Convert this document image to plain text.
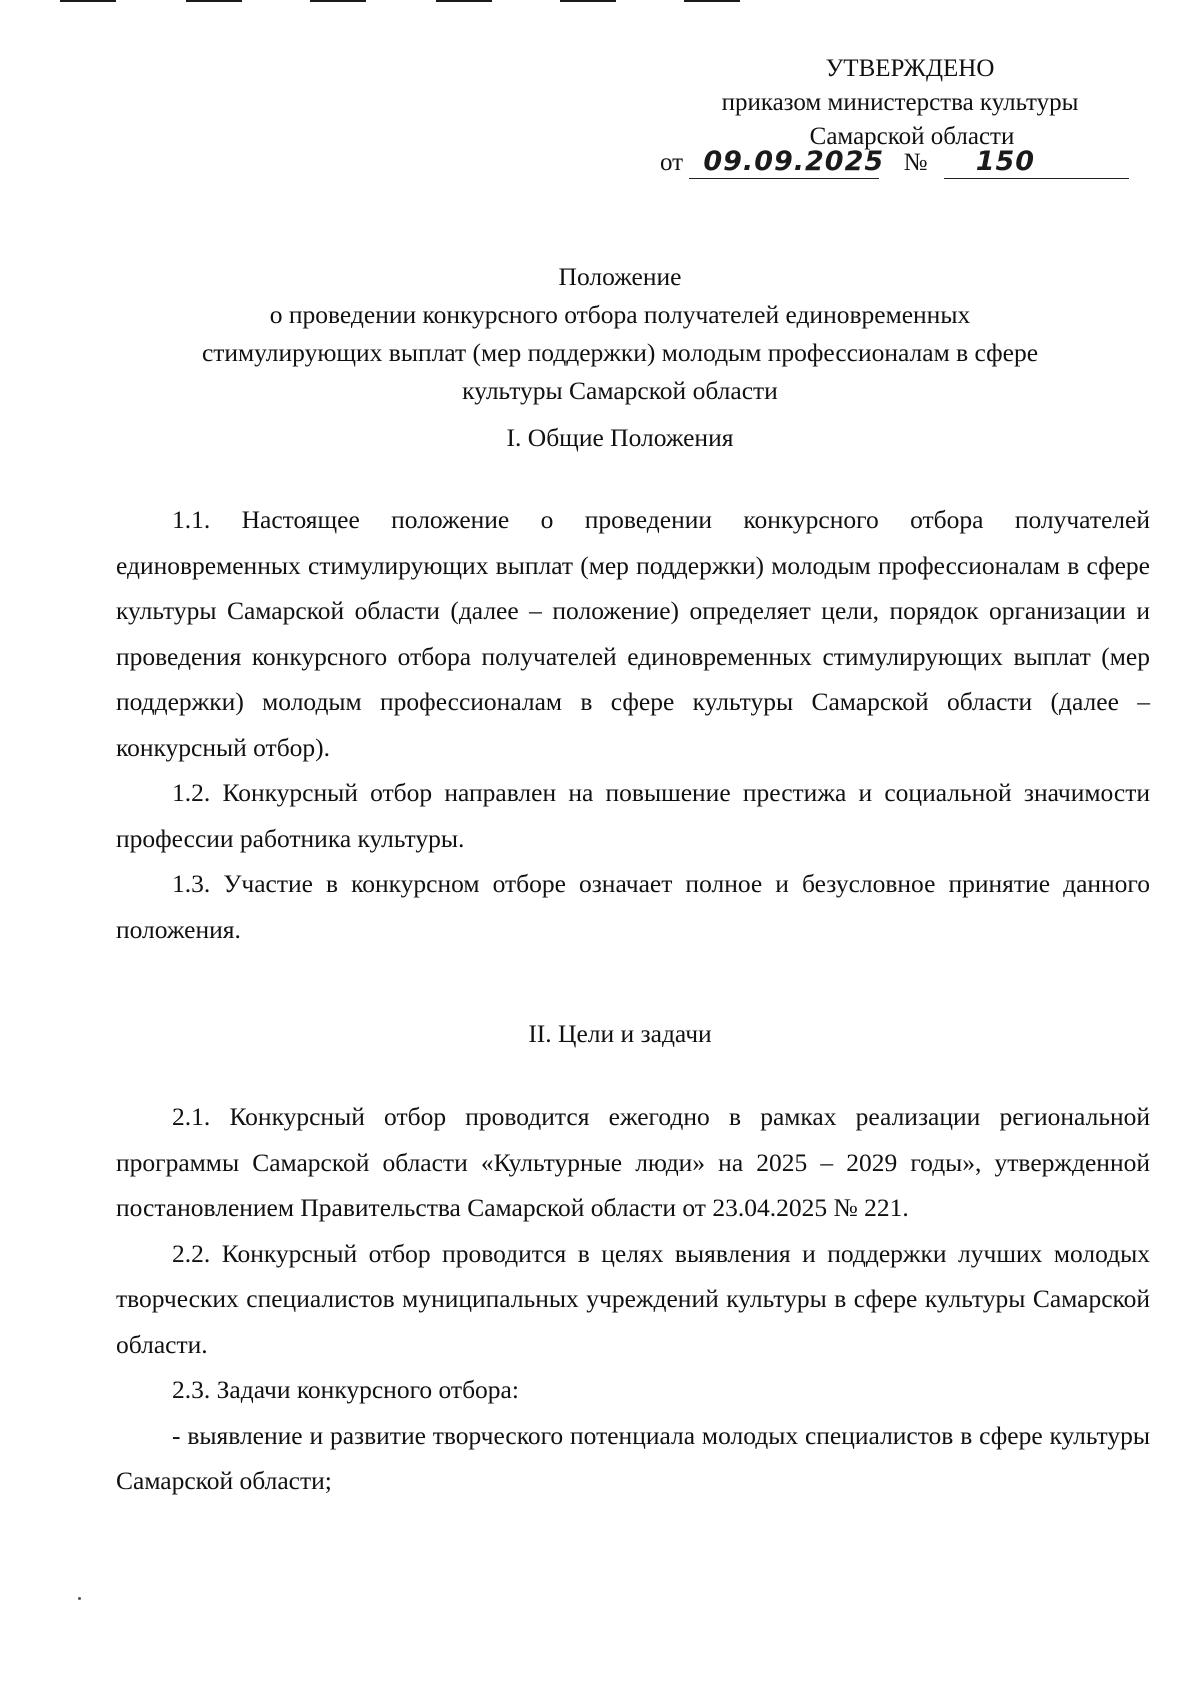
УТВЕРЖДЕНО
приказом министерства культуры
Самарской области
от 09.09.2025 № 150
Положение
о проведении конкурсного отбора получателей единовременных
стимулирующих выплат (мер поддержки) молодым профессионалам в сфере
культуры Самарской области
I. Общие Положения

1.1. Настоящее положение о проведении конкурсного отбора получателей единовременных стимулирующих выплат (мер поддержки) молодым профессионалам в сфере культуры Самарской области (далее – положение) определяет цели, порядок организации и проведения конкурсного отбора получателей единовременных стимулирующих выплат (мер поддержки) молодым профессионалам в сфере культуры Самарской области (далее – конкурсный отбор).

1.2. Конкурсный отбор направлен на повышение престижа и социальной значимости профессии работника культуры.

1.3. Участие в конкурсном отборе означает полное и безусловное принятие данного положения.

II. Цели и задачи

2.1. Конкурсный отбор проводится ежегодно в рамках реализации региональной программы Самарской области «Культурные люди» на 2025 – 2029 годы», утвержденной постановлением Правительства Самарской области от 23.04.2025 № 221.

2.2. Конкурсный отбор проводится в целях выявления и поддержки лучших молодых творческих специалистов муниципальных учреждений культуры в сфере культуры Самарской области.

2.3. Задачи конкурсного отбора:

- выявление и развитие творческого потенциала молодых специалистов в сфере культуры Самарской области;
